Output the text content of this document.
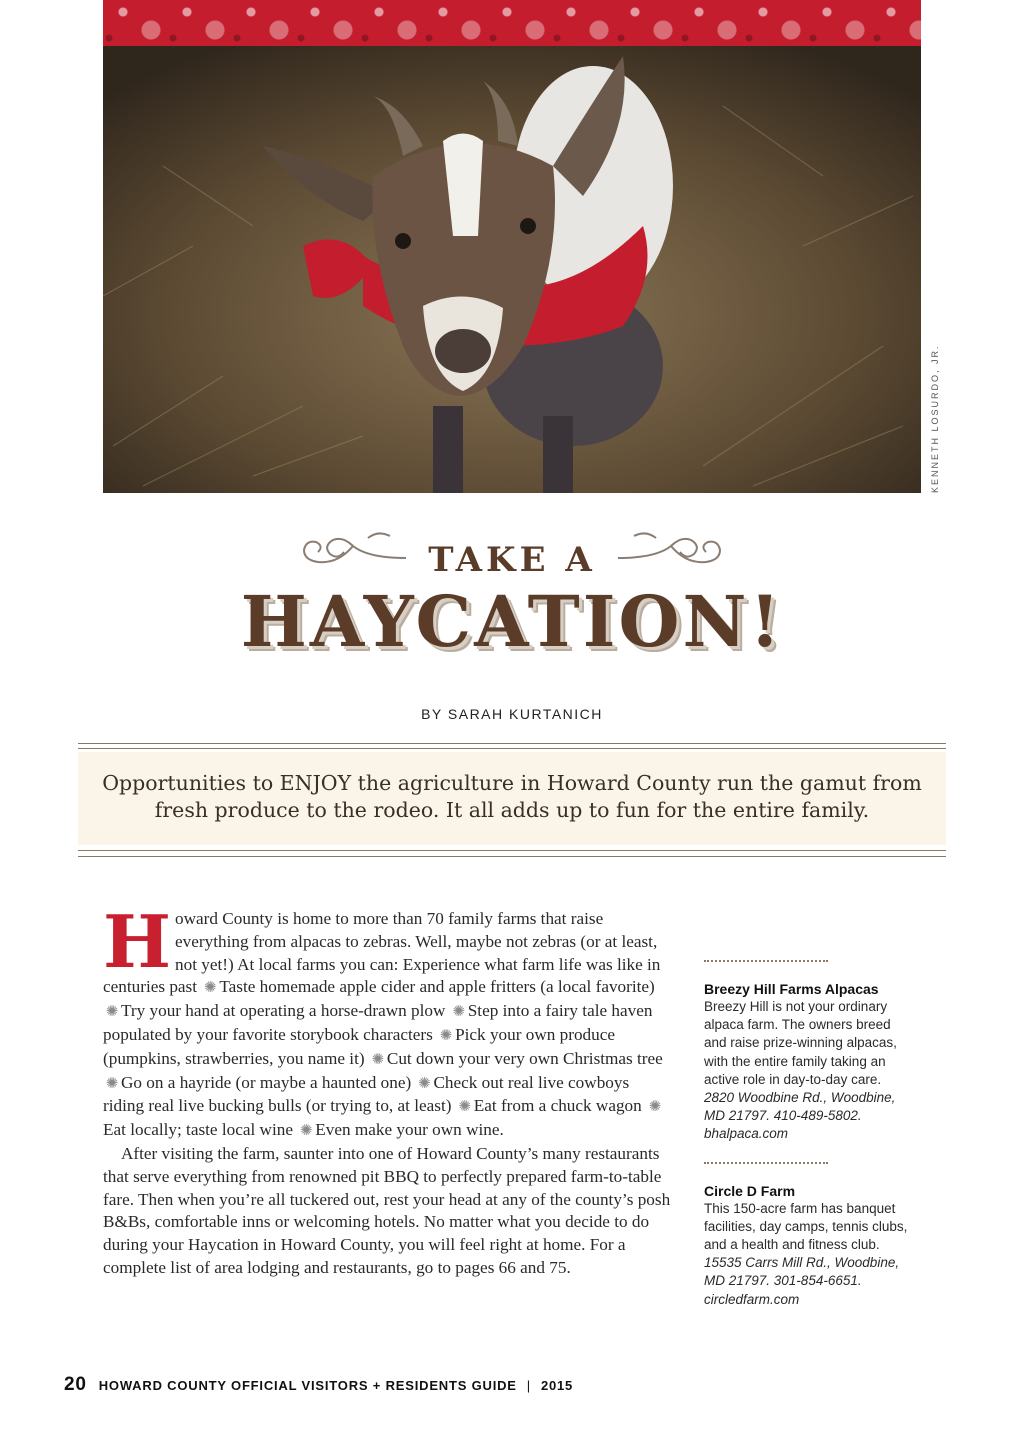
KENNETH LOSURDO, JR.
TAKE A
HAYCATION!
BY SARAH KURTANICH

Opportunities to ENJOY the agriculture in Howard County run the gamut from fresh produce to the rodeo. It all adds up to fun for the entire family.

Howard County is home to more than 70 family farms that raise everything from alpacas to zebras. Well, maybe not zebras (or at least, not yet!) At local farms you can: Experience what farm life was like in centuries past ✺ Taste homemade apple cider and apple fritters (a local favorite) ✺ Try your hand at operating a horse-drawn plow ✺ Step into a fairy tale haven populated by your favorite storybook characters ✺ Pick your own produce (pumpkins, strawberries, you name it) ✺ Cut down your very own Christmas tree ✺ Go on a hayride (or maybe a haunted one) ✺ Check out real live cowboys riding real live bucking bulls (or trying to, at least) ✺ Eat from a chuck wagon ✺Eat locally; taste local wine ✺ Even make your own wine.

After visiting the farm, saunter into one of Howard County’s many restaurants that serve everything from renowned pit BBQ to perfectly prepared farm-to-table fare. Then when you’re all tuckered out, rest your head at any of the county’s posh B&Bs, comfortable inns or welcoming hotels. No matter what you decide to do during your Haycation in Howard County, you will feel right at home. For a complete list of area lodging and restaurants, go to pages 66 and 75.

Breezy Hill Farms Alpacas
Breezy Hill is not your ordinary alpaca farm. The owners breed and raise prize-winning alpacas, with the entire family taking an active role in day-to-day care. 2820 Woodbine Rd., Woodbine, MD 21797. 410-489-5802. bhalpaca.com
Circle D Farm
This 150-acre farm has banquet facilities, day camps, tennis clubs, and a health and fitness club. 15535 Carrs Mill Rd., Woodbine, MD 21797. 301-854-6651. circledfarm.com
20 HOWARD COUNTY OFFICIAL VISITORS + RESIDENTS GUIDE | 2015
